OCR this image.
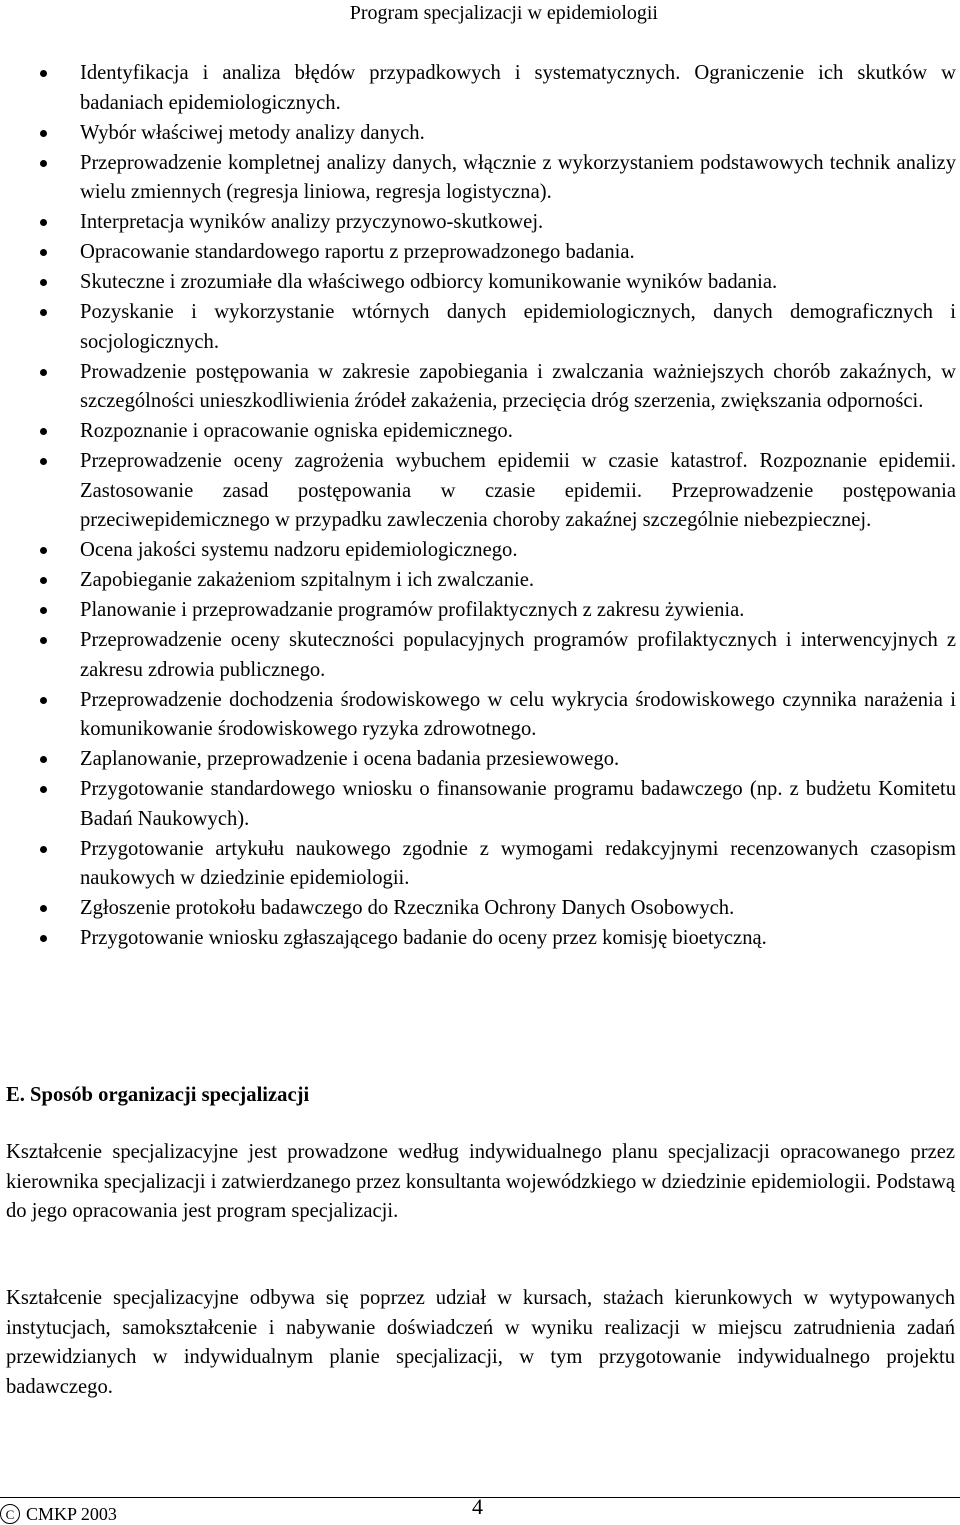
Program specjalizacji w epidemiologii
Identyfikacja i analiza błędów przypadkowych i systematycznych. Ograniczenie ich skutków w badaniach epidemiologicznych.
Wybór właściwej metody analizy danych.
Przeprowadzenie kompletnej analizy danych, włącznie z wykorzystaniem podstawowych technik analizy wielu zmiennych (regresja liniowa, regresja logistyczna).
Interpretacja wyników analizy przyczynowo-skutkowej.
Opracowanie standardowego raportu z przeprowadzonego badania.
Skuteczne i zrozumiałe dla właściwego odbiorcy komunikowanie wyników badania.
Pozyskanie i wykorzystanie wtórnych danych epidemiologicznych, danych demograficznych i socjologicznych.
Prowadzenie postępowania w zakresie zapobiegania i zwalczania ważniejszych chorób zakaźnych, w szczególności unieszkodliwienia źródeł zakażenia, przecięcia dróg szerzenia, zwiększania odporności.
Rozpoznanie i opracowanie ogniska epidemicznego.
Przeprowadzenie oceny zagrożenia wybuchem epidemii w czasie katastrof. Rozpoznanie epidemii. Zastosowanie zasad postępowania w czasie epidemii. Przeprowadzenie postępowania przeciwepidemicznego w przypadku zawleczenia choroby zakaźnej szczególnie niebezpiecznej.
Ocena jakości systemu nadzoru epidemiologicznego.
Zapobieganie zakażeniom szpitalnym i ich zwalczanie.
Planowanie i przeprowadzanie programów profilaktycznych z zakresu żywienia.
Przeprowadzenie oceny skuteczności populacyjnych programów profilaktycznych i interwencyjnych z zakresu zdrowia publicznego.
Przeprowadzenie dochodzenia środowiskowego w celu wykrycia środowiskowego czynnika narażenia i komunikowanie środowiskowego ryzyka zdrowotnego.
Zaplanowanie, przeprowadzenie i ocena badania przesiewowego.
Przygotowanie standardowego wniosku o finansowanie programu badawczego (np. z budżetu Komitetu Badań Naukowych).
Przygotowanie artykułu naukowego zgodnie z wymogami redakcyjnymi recenzowanych czasopism naukowych w dziedzinie epidemiologii.
Zgłoszenie protokołu badawczego do Rzecznika Ochrony Danych Osobowych.
Przygotowanie wniosku zgłaszającego badanie do oceny przez komisję bioetyczną.
E. Sposób organizacji specjalizacji

Kształcenie specjalizacyjne jest prowadzone według indywidualnego planu specjalizacji opracowanego przez kierownika specjalizacji i zatwierdzanego przez konsultanta wojewódzkiego w dziedzinie epidemiologii. Podstawą do jego opracowania jest program specjalizacji.

Kształcenie specjalizacyjne odbywa się poprzez udział w kursach, stażach kierunkowych w wytypowanych instytucjach, samokształcenie i nabywanie doświadczeń w wyniku realizacji w miejscu zatrudnienia zadań przewidzianych w indywidualnym planie specjalizacji, w tym przygotowanie indywidualnego projektu badawczego.

C CMKP 2003	4
